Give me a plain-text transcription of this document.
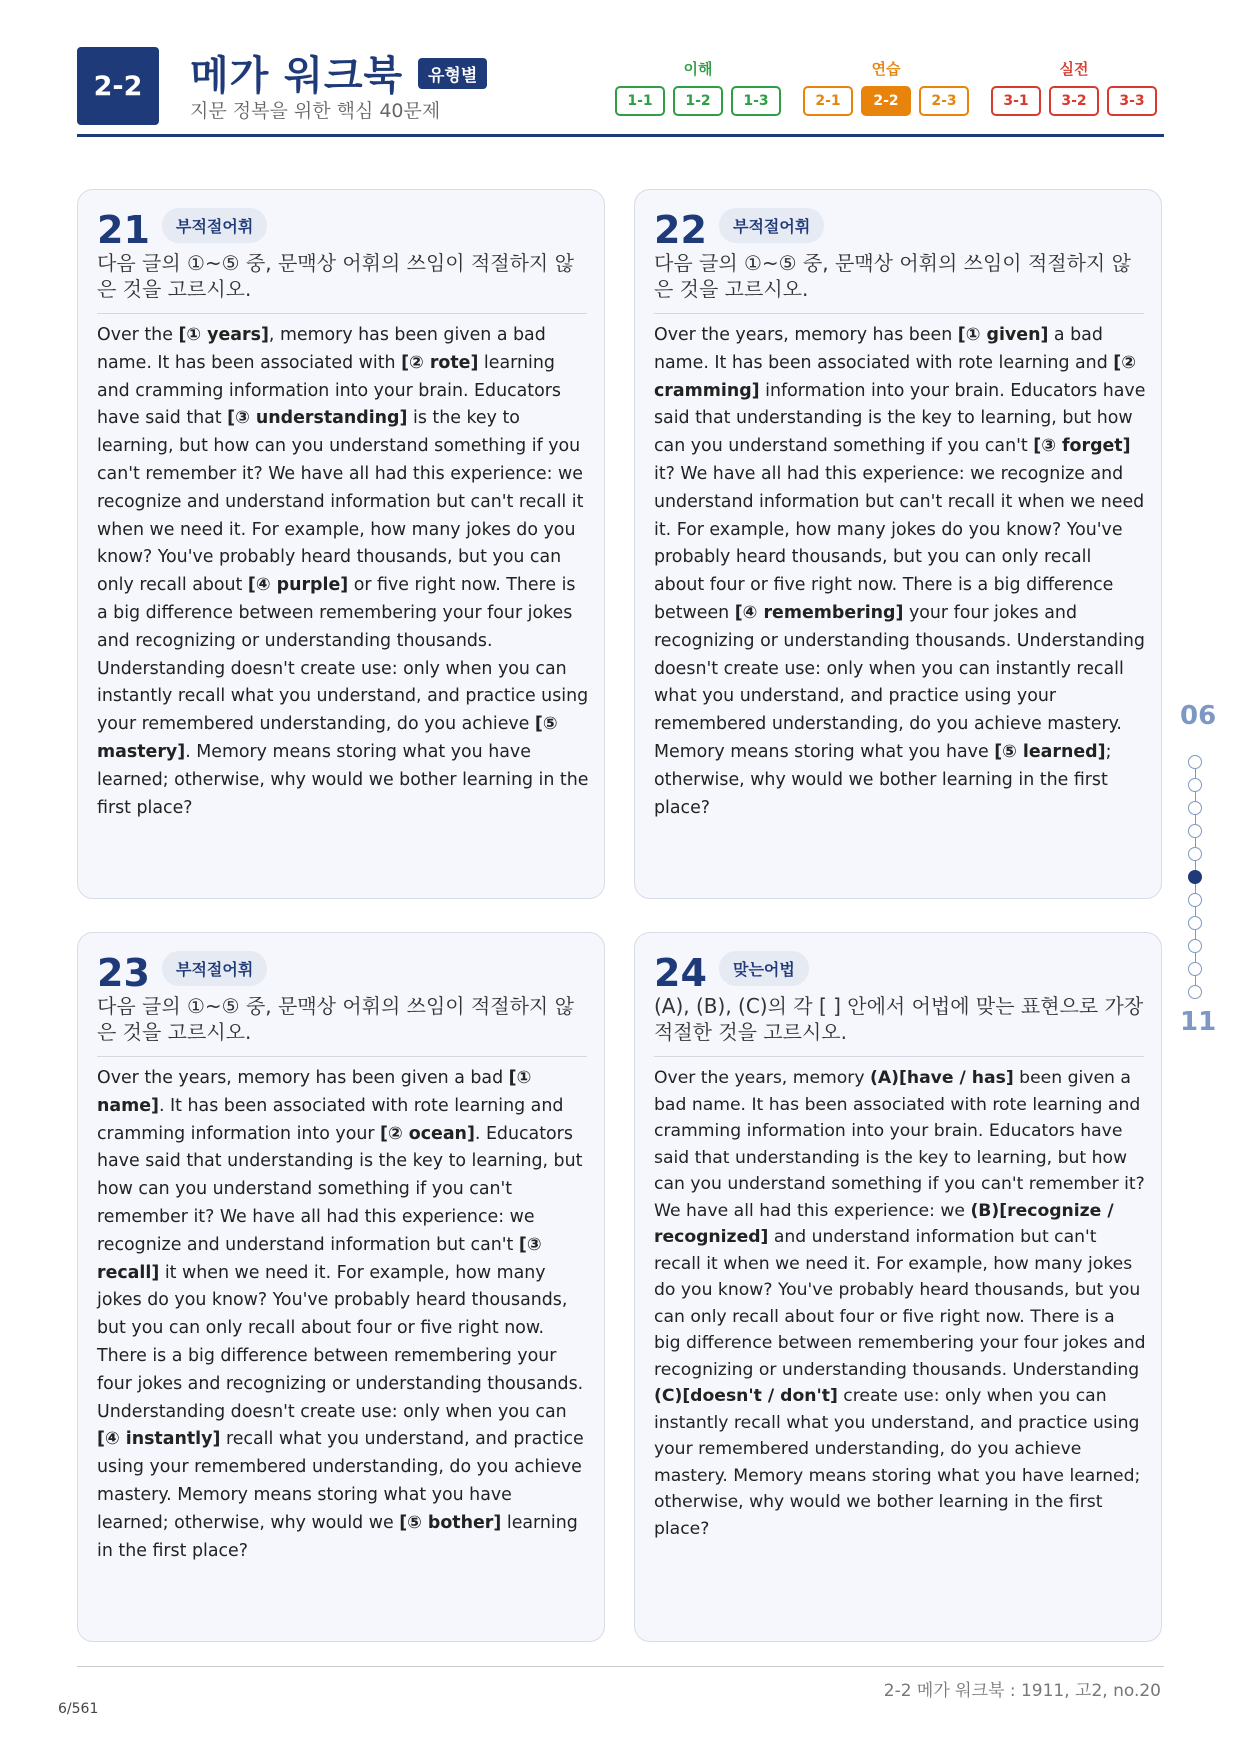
2-2	메가 워크북	유형별
지문 정복을 위한 핵심 40문제
이해
1-1	1-2	1-3
연습
2-1	2-2	2-3
실전
3-1	3-2	3-3
21	부적절어휘
다음 글의 ①~⑤ 중, 문맥상 어휘의 쓰임이 적절하지 않은 것을 고르시오.

Over the [① years], memory has been given a bad name. It has been associated with [② rote] learning and cramming information into your brain. Educators have said that [③ understanding] is the key to learning, but how can you understand something if you can't remember it? We have all had this experience: we recognize and understand information but can't recall it when we need it. For example, how many jokes do you know? You've probably heard thousands, but you can only recall about [④ purple] or five right now. There is a big difference between remembering your four jokes and recognizing or understanding thousands. Understanding doesn't create use: only when you can instantly recall what you understand, and practice using your remembered understanding, do you achieve [⑤ mastery]. Memory means storing what you have learned; otherwise, why would we bother learning in the first place?

22	부적절어휘
다음 글의 ①~⑤ 중, 문맥상 어휘의 쓰임이 적절하지 않은 것을 고르시오.

Over the years, memory has been [① given] a bad name. It has been associated with rote learning and [② cramming] information into your brain. Educators have said that understanding is the key to learning, but how can you understand something if you can't [③ forget] it? We have all had this experience: we recognize and understand information but can't recall it when we need it. For example, how many jokes do you know? You've probably heard thousands, but you can only recall about four or five right now. There is a big difference between [④ remembering] your four jokes and recognizing or understanding thousands. Understanding doesn't create use: only when you can instantly recall what you understand, and practice using your remembered understanding, do you achieve mastery. Memory means storing what you have [⑤ learned]; otherwise, why would we bother learning in the first place?

23	부적절어휘
다음 글의 ①~⑤ 중, 문맥상 어휘의 쓰임이 적절하지 않은 것을 고르시오.

Over the years, memory has been given a bad [① name]. It has been associated with rote learning and cramming information into your [② ocean]. Educators have said that understanding is the key to learning, but how can you understand something if you can't remember it? We have all had this experience: we recognize and understand information but can't [③ recall] it when we need it. For example, how many jokes do you know? You've probably heard thousands, but you can only recall about four or five right now. There is a big difference between remembering your four jokes and recognizing or understanding thousands. Understanding doesn't create use: only when you can [④ instantly] recall what you understand, and practice using your remembered understanding, do you achieve mastery. Memory means storing what you have learned; otherwise, why would we [⑤ bother] learning in the first place?

24	맞는어법
(A), (B), (C)의 각 [ ] 안에서 어법에 맞는 표현으로 가장 적절한 것을 고르시오.

Over the years, memory (A)[have / has] been given a bad name. It has been associated with rote learning and cramming information into your brain. Educators have said that understanding is the key to learning, but how can you understand something if you can't remember it? We have all had this experience: we (B)[recognize / recognized] and understand information but can't recall it when we need it. For example, how many jokes do you know? You've probably heard thousands, but you can only recall about four or five right now. There is a big difference between remembering your four jokes and recognizing or understanding thousands. Understanding (C)[doesn't / don't] create use: only when you can instantly recall what you understand, and practice using your remembered understanding, do you achieve mastery. Memory means storing what you have learned; otherwise, why would we bother learning in the first place?

06
11
2-2 메가 워크북 : 1911, 고2, no.20
6/561
